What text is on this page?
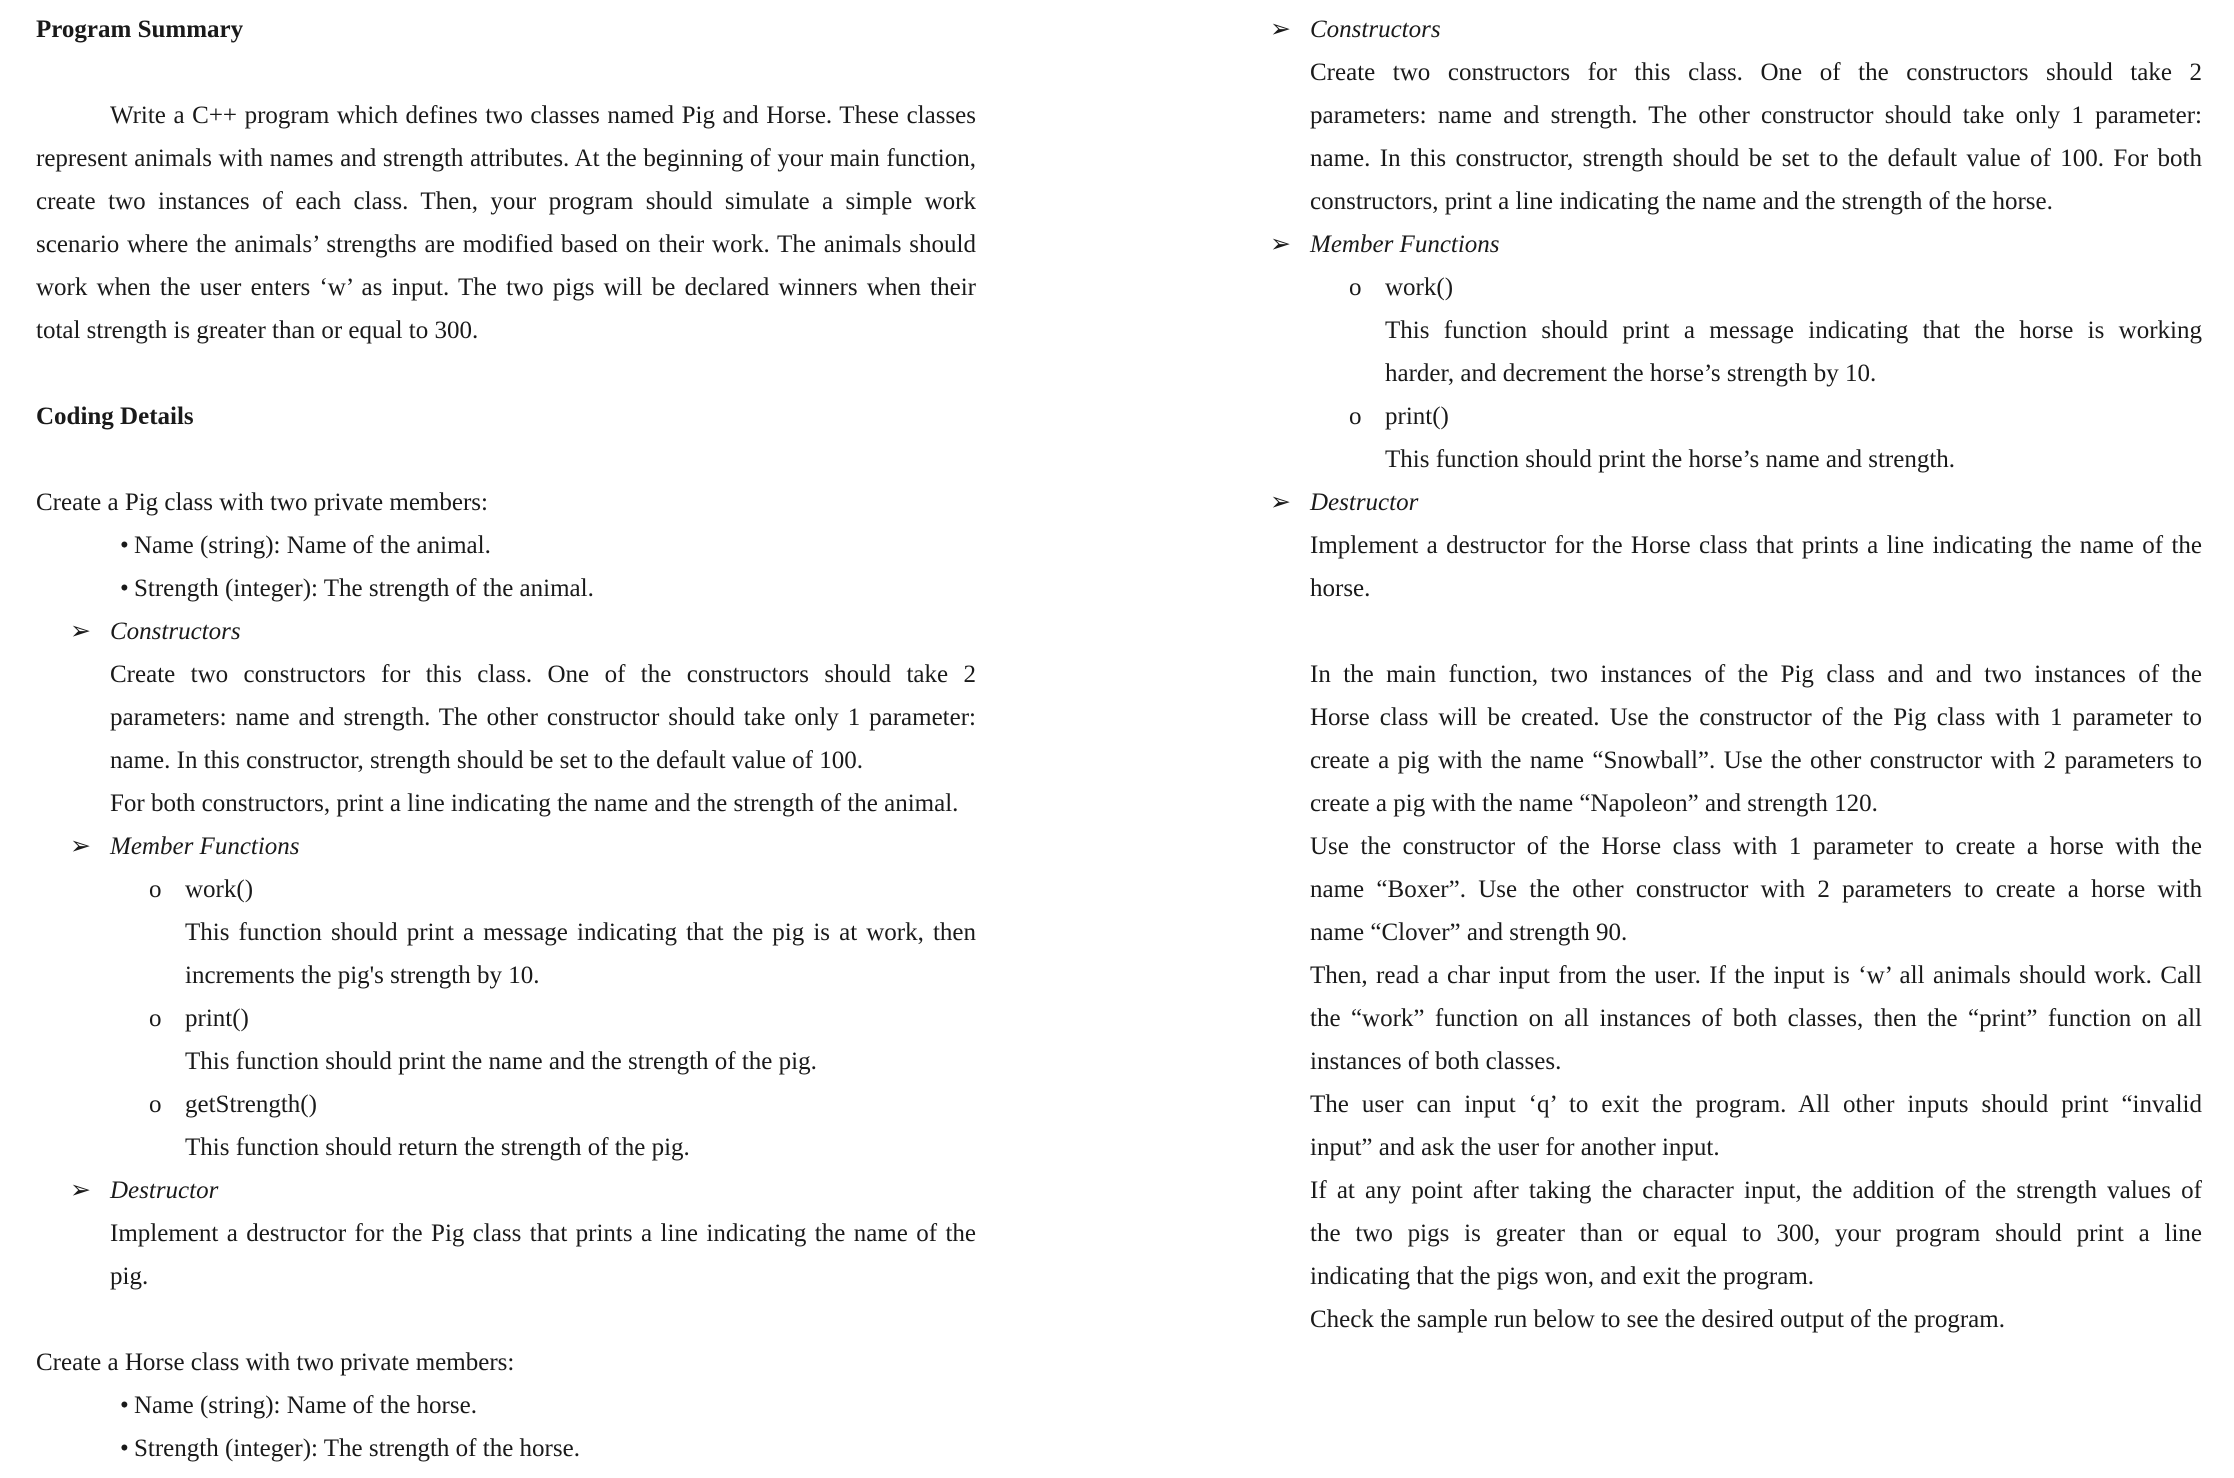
Program Summary
Write a C++ program which defines two classes named Pig and Horse. These classes
represent animals with names and strength attributes. At the beginning of your main function,
create two instances of each class. Then, your program should simulate a simple work
scenario where the animals’ strengths are modified based on their work. The animals should
work when the user enters ‘w’ as input. The two pigs will be declared winners when their
total strength is greater than or equal to 300.
Coding Details
Create a Pig class with two private members:
• Name (string): Name of the animal.
• Strength (integer): The strength of the animal.
➢ Constructors
Create two constructors for this class. One of the constructors should take 2
parameters: name and strength. The other constructor should take only 1 parameter:
name. In this constructor, strength should be set to the default value of 100.
For both constructors, print a line indicating the name and the strength of the animal.
➢ Member Functions
o work()
This function should print a message indicating that the pig is at work, then
increments the pig's strength by 10.
o print()
This function should print the name and the strength of the pig.
o getStrength()
This function should return the strength of the pig.
➢ Destructor
Implement a destructor for the Pig class that prints a line indicating the name of the
pig.
Create a Horse class with two private members:
• Name (string): Name of the horse.
• Strength (integer): The strength of the horse.
➢ Constructors
Create two constructors for this class. One of the constructors should take 2
parameters: name and strength. The other constructor should take only 1 parameter:
name. In this constructor, strength should be set to the default value of 100. For both
constructors, print a line indicating the name and the strength of the horse.
➢ Member Functions
o work()
This function should print a message indicating that the horse is working
harder, and decrement the horse’s strength by 10.
o print()
This function should print the horse’s name and strength.
➢ Destructor
Implement a destructor for the Horse class that prints a line indicating the name of the
horse.
In the main function, two instances of the Pig class and and two instances of the
Horse class will be created. Use the constructor of the Pig class with 1 parameter to
create a pig with the name “Snowball”. Use the other constructor with 2 parameters to
create a pig with the name “Napoleon” and strength 120.
Use the constructor of the Horse class with 1 parameter to create a horse with the
name “Boxer”. Use the other constructor with 2 parameters to create a horse with
name “Clover” and strength 90.
Then, read a char input from the user. If the input is ‘w’ all animals should work. Call
the “work” function on all instances of both classes, then the “print” function on all
instances of both classes.
The user can input ‘q’ to exit the program. All other inputs should print “invalid
input” and ask the user for another input.
If at any point after taking the character input, the addition of the strength values of
the two pigs is greater than or equal to 300, your program should print a line
indicating that the pigs won, and exit the program.
Check the sample run below to see the desired output of the program.
